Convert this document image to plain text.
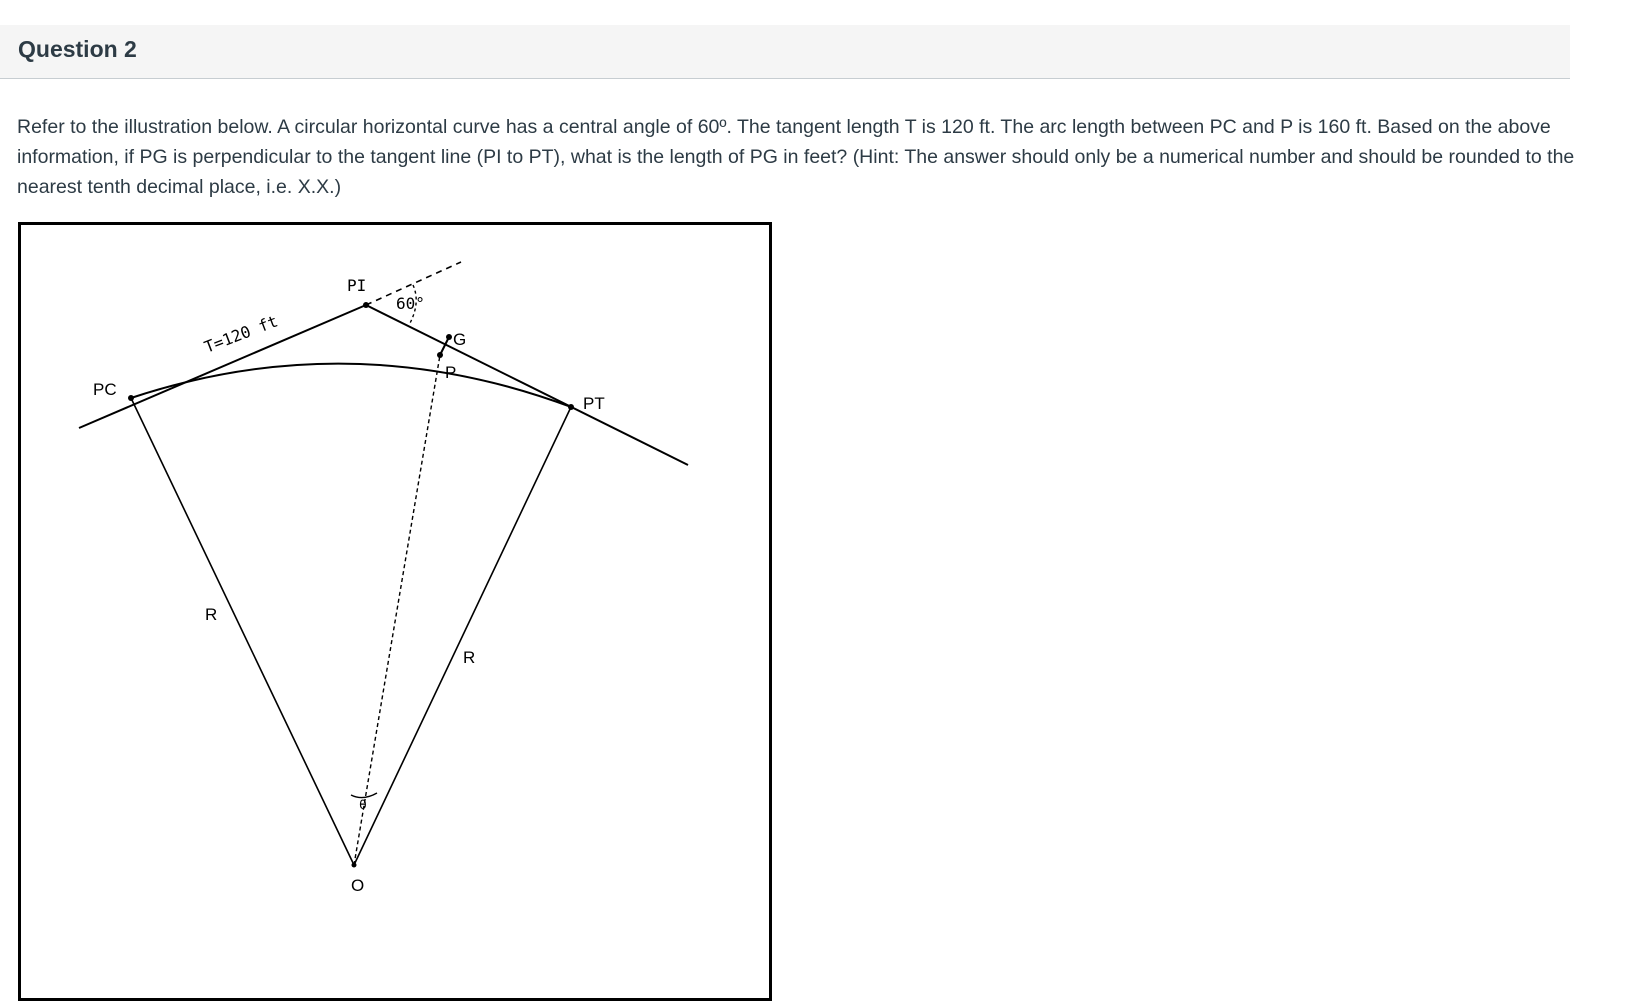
Question 2

Refer to the illustration below. A circular horizontal curve has a central angle of 60º. The tangent length T is 120 ft. The arc length between PC and P is 160 ft. Based on the above information, if PG is perpendicular to the tangent line (PI to PT), what is the length of PG in feet? (Hint: The answer should only be a numerical number and should be rounded to the nearest tenth decimal place, i.e. X.X.)

PC
PI
PT
P
G
O
R
R
T=120 ft
60°
θ
